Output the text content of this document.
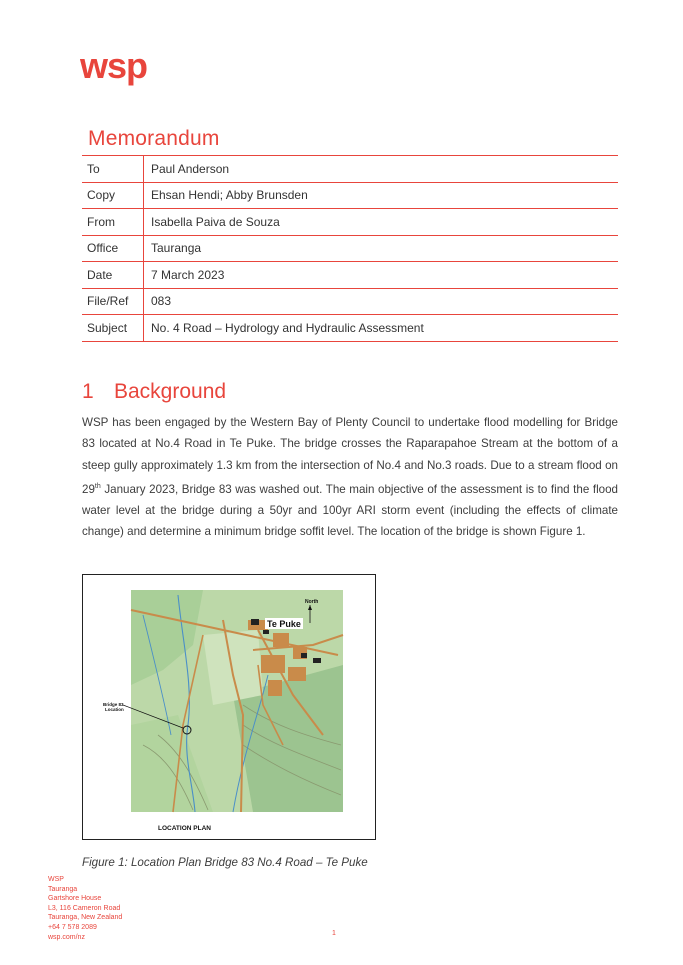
wsp
Memorandum
To	Paul Anderson
Copy	Ehsan Hendi; Abby Brunsden
From	Isabella Paiva de Souza
Office	Tauranga
Date	7 March 2023
File/Ref	083
Subject	No. 4 Road – Hydrology and Hydraulic Assessment
1 Background
WSP has been engaged by the Western Bay of Plenty Council to undertake flood modelling for Bridge 83 located at No.4 Road in Te Puke. The bridge crosses the Raparapahoe Stream at the bottom of a steep gully approximately 1.3 km from the intersection of No.4 and No.3 roads. Due to a stream flood on 29th January 2023, Bridge 83 was washed out. The main objective of the assessment is to find the flood water level at the bridge during a 50yr and 100yr ARI storm event (including the effects of climate change) and determine a minimum bridge soffit level. The location of the bridge is shown Figure 1.
Te Puke
North
Bridge 83
Location
LOCATION PLAN
Figure 1: Location Plan Bridge 83 No.4 Road – Te Puke
WSP
Tauranga
Gartshore House
L3, 116 Cameron Road
Tauranga, New Zealand
+64 7 578 2089
wsp.com/nz
1
